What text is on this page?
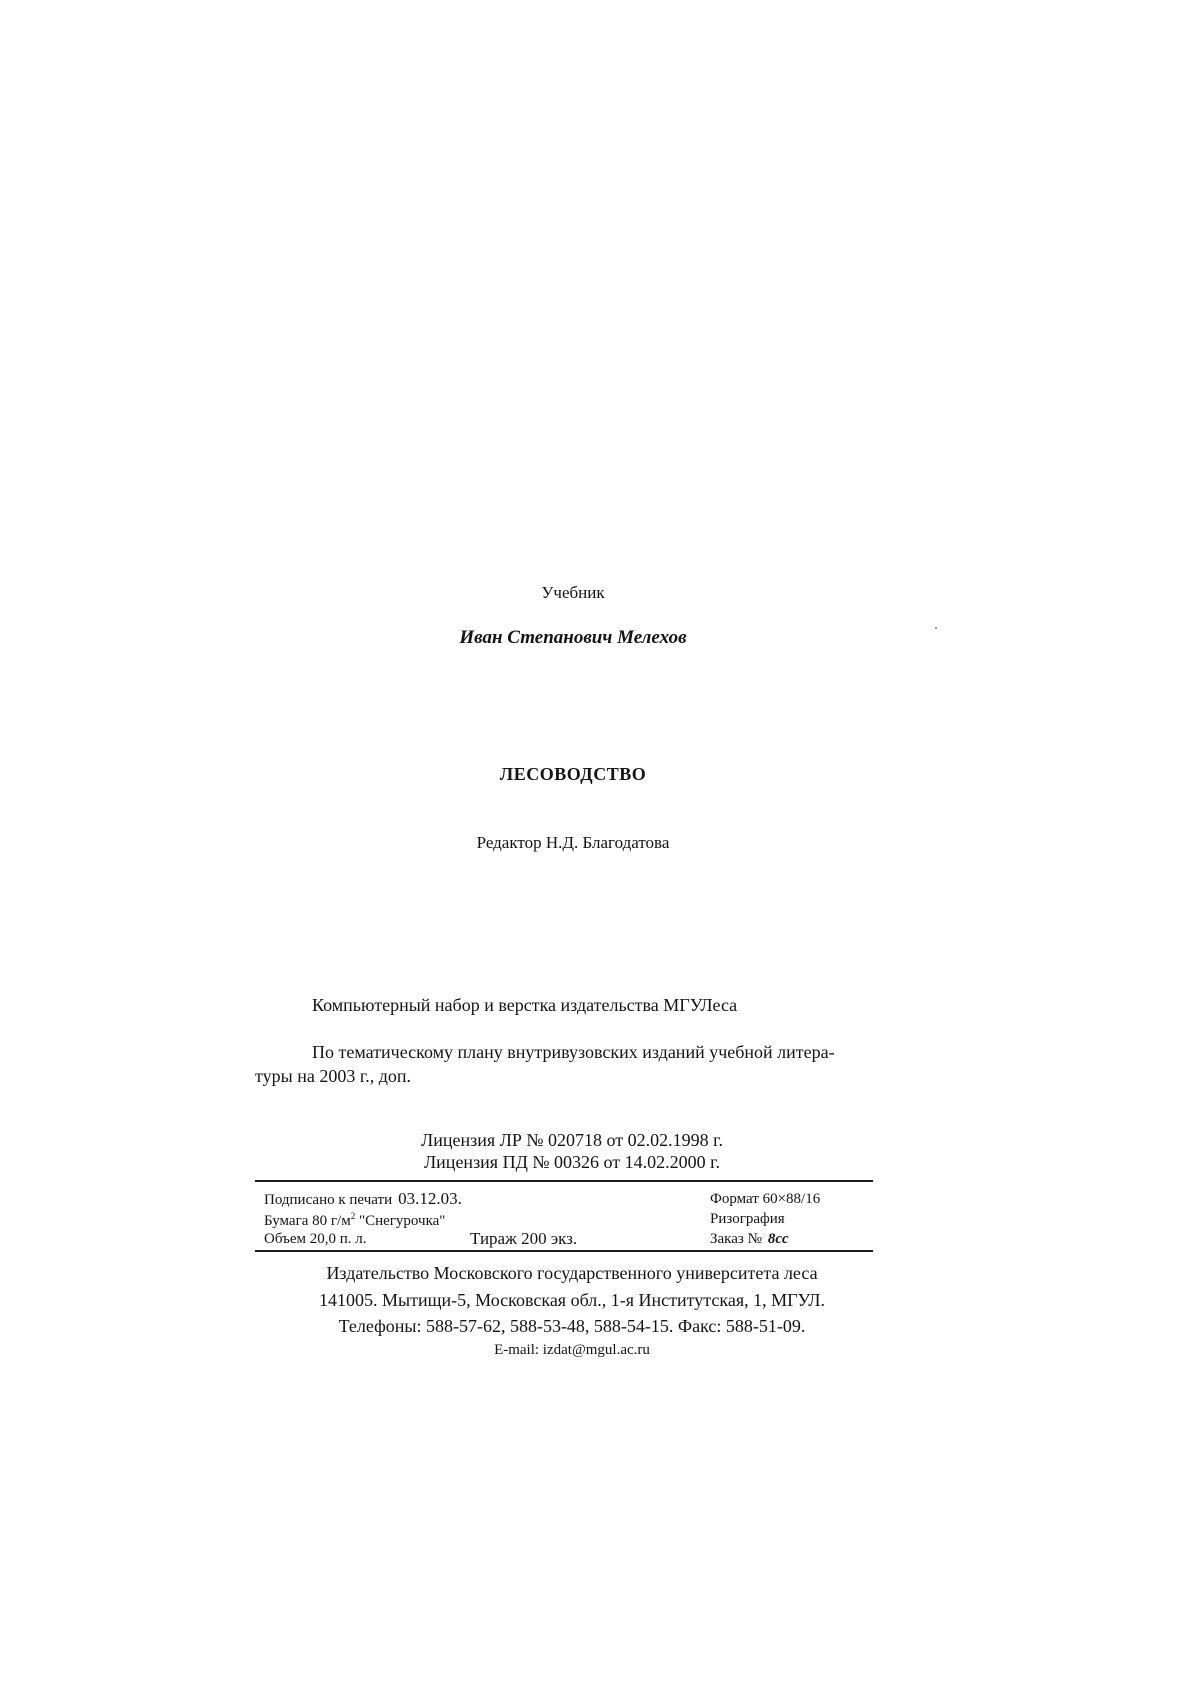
Учебник
Иван Степанович Мелехов
ЛЕСОВОДСТВО
Редактор Н.Д. Благодатова
Компьютерный набор и верстка издательства МГУЛеса
По тематическому плану внутривузовских изданий учебной литера-
туры на 2003 г., доп.
Лицензия ЛР № 020718 от 02.02.1998 г.
Лицензия ПД № 00326 от 14.02.2000 г.
Подписано к печати 03.12.03.	Формат 60×88/16
Бумага 80 $г/м^2$ "Снегурочка"	Ризография
Объем 20,0 п. л.	Тираж 200 экз.	Заказ № 8cc
Издательство Московского государственного университета леса
141005. Мытищи-5, Московская обл., 1-я Институтская, 1, МГУЛ.
Телефоны: 588-57-62, 588-53-48, 588-54-15. Факс: 588-51-09.
E-mail: izdat@mgul.ac.ru
